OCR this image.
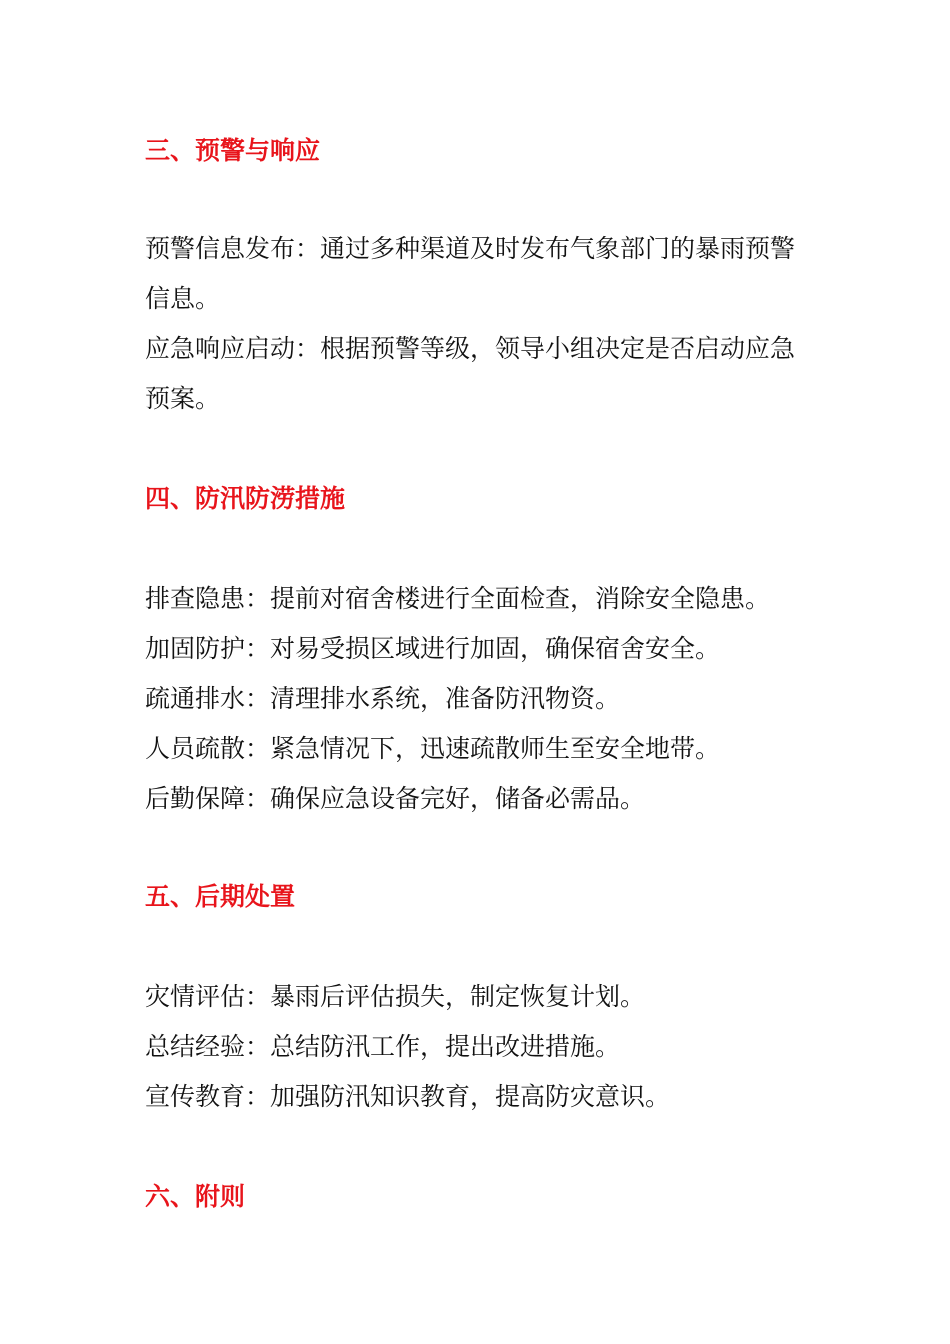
三、预警与响应

预警信息发布：通过多种渠道及时发布气象部门的暴雨预警信息。

应急响应启动：根据预警等级，领导小组决定是否启动应急预案。

四、防汛防涝措施

排查隐患：提前对宿舍楼进行全面检查，消除安全隐患。

加固防护：对易受损区域进行加固，确保宿舍安全。

疏通排水：清理排水系统，准备防汛物资。

人员疏散：紧急情况下，迅速疏散师生至安全地带。

后勤保障：确保应急设备完好，储备必需品。

五、后期处置

灾情评估：暴雨后评估损失，制定恢复计划。

总结经验：总结防汛工作，提出改进措施。

宣传教育：加强防汛知识教育，提高防灾意识。

六、附则
